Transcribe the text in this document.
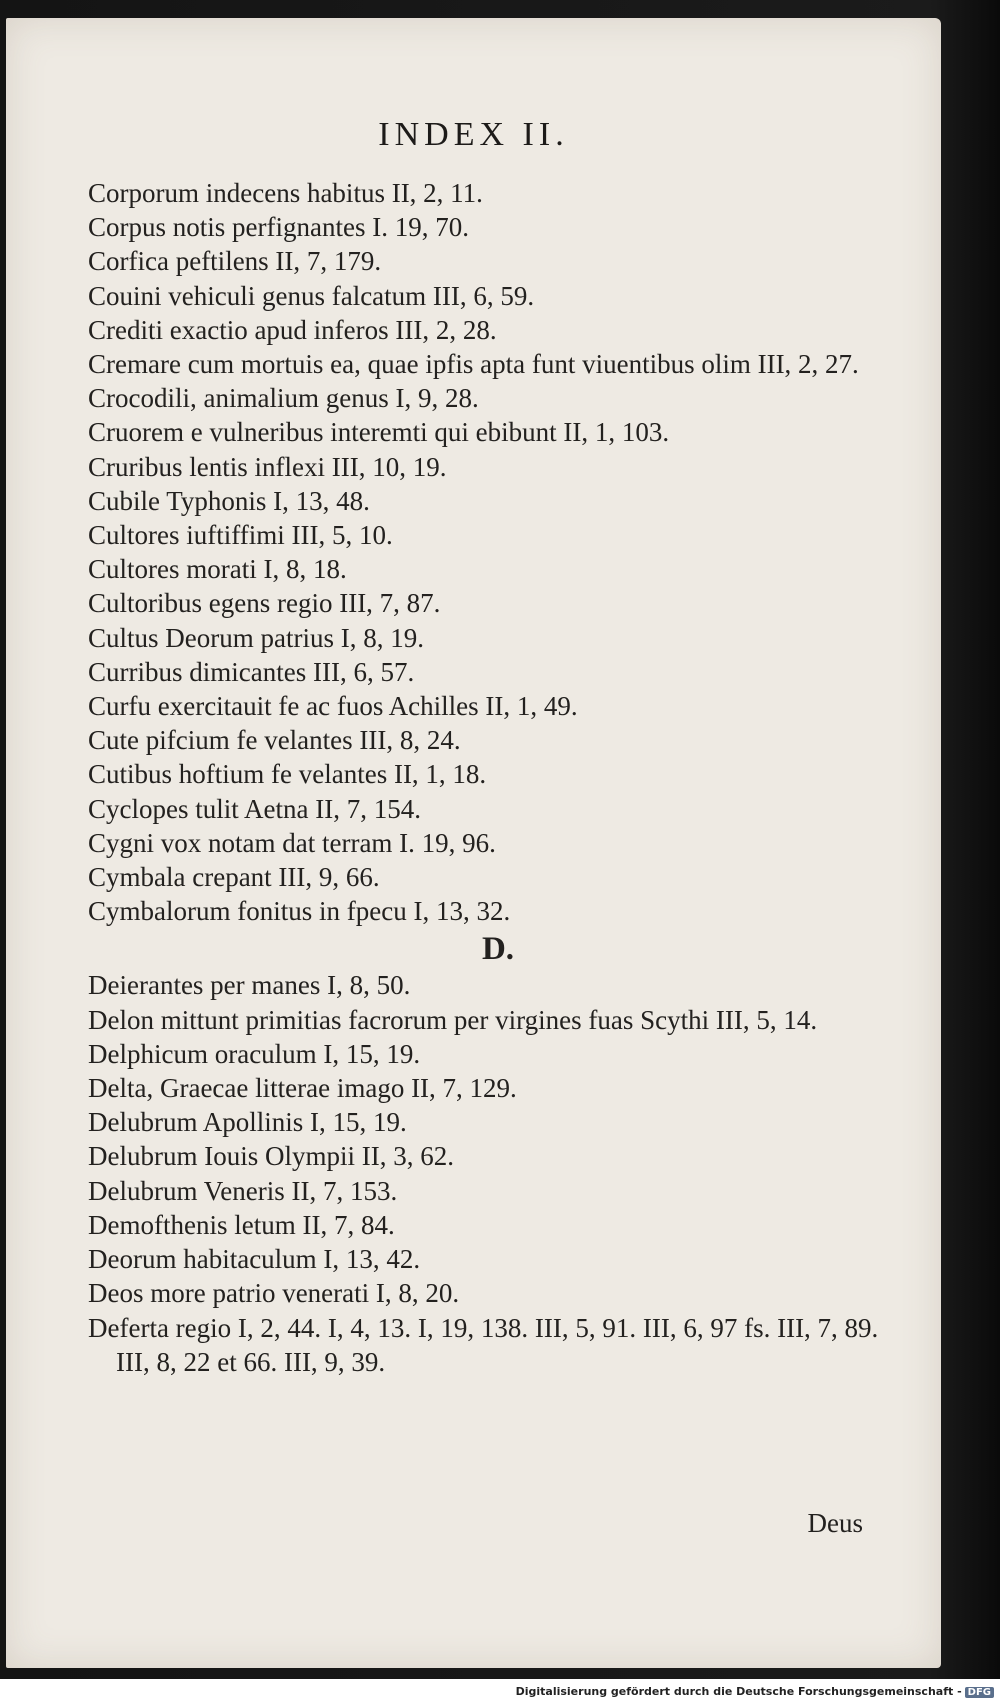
INDEX II.

Corporum indecens habitus II, 2, 11.

Corpus notis perfignantes I. 19, 70.

Corfica peftilens II, 7, 179.

Couini vehiculi genus falcatum III, 6, 59.

Crediti exactio apud inferos III, 2, 28.

Cremare cum mortuis ea, quae ipfis apta funt viuentibus olim III, 2, 27.

Crocodili, animalium genus I, 9, 28.

Cruorem e vulneribus interemti qui ebibunt II, 1, 103.

Cruribus lentis inflexi III, 10, 19.

Cubile Typhonis I, 13, 48.

Cultores iuftiffimi III, 5, 10.

Cultores morati I, 8, 18.

Cultoribus egens regio III, 7, 87.

Cultus Deorum patrius I, 8, 19.

Curribus dimicantes III, 6, 57.

Curfu exercitauit fe ac fuos Achilles II, 1, 49.

Cute pifcium fe velantes III, 8, 24.

Cutibus hoftium fe velantes II, 1, 18.

Cyclopes tulit Aetna II, 7, 154.

Cygni vox notam dat terram I. 19, 96.

Cymbala crepant III, 9, 66.

Cymbalorum fonitus in fpecu I, 13, 32.

D.

Deierantes per manes I, 8, 50.

Delon mittunt primitias facrorum per virgines fuas Scythi III, 5, 14.

Delphicum oraculum I, 15, 19.

Delta, Graecae litterae imago II, 7, 129.

Delubrum Apollinis I, 15, 19.

Delubrum Iouis Olympii II, 3, 62.

Delubrum Veneris II, 7, 153.

Demofthenis letum II, 7, 84.

Deorum habitaculum I, 13, 42.

Deos more patrio venerati I, 8, 20.

Deferta regio I, 2, 44. I, 4, 13. I, 19, 138. III, 5, 91. III, 6, 97 fs. III, 7, 89. III, 8, 22 et 66. III, 9, 39.

Deus
Digitalisierung gefördert durch die Deutsche Forschungsgemeinschaft - DFG
